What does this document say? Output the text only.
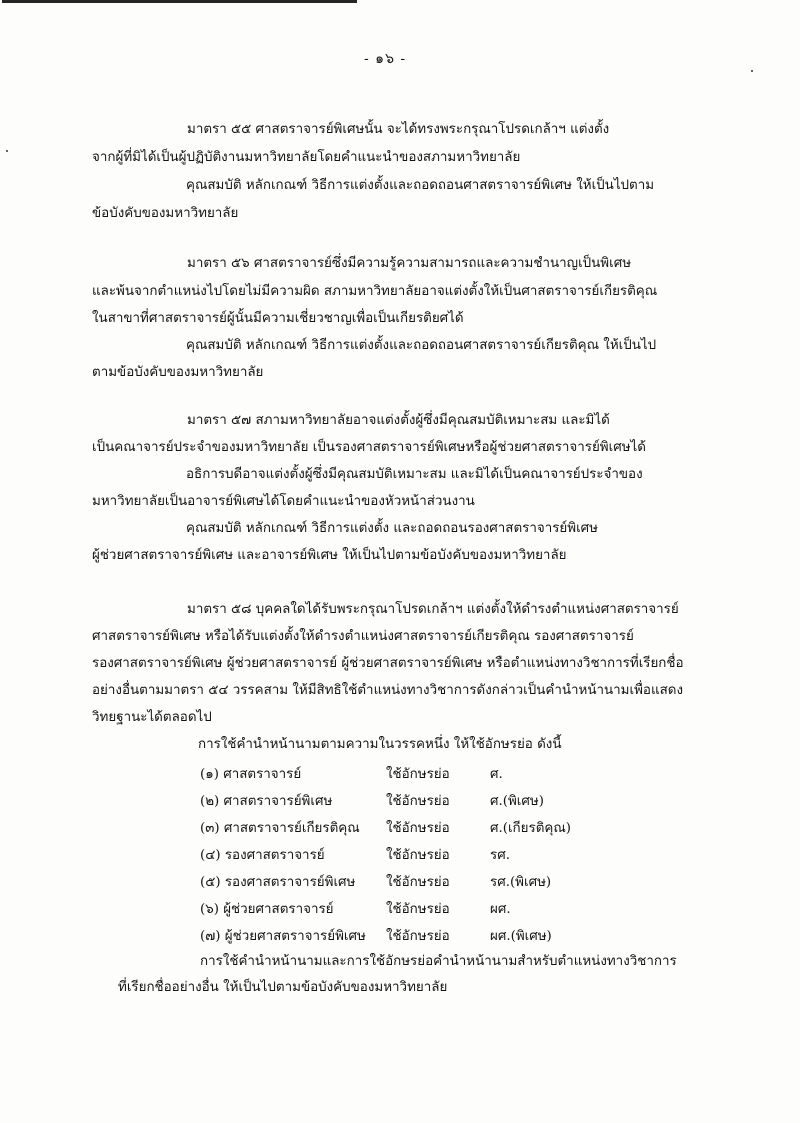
- ๑๖ -
มาตรา ๕๕ ศาสตราจารย์พิเศษนั้น จะได้ทรงพระกรุณาโปรดเกล้าฯ แต่งตั้ง
จากผู้ที่มิได้เป็นผู้ปฏิบัติงานมหาวิทยาลัยโดยคำแนะนำของสภามหาวิทยาลัย
คุณสมบัติ หลักเกณฑ์ วิธีการแต่งตั้งและถอดถอนศาสตราจารย์พิเศษ ให้เป็นไปตาม
ข้อบังคับของมหาวิทยาลัย
มาตรา ๕๖ ศาสตราจารย์ซึ่งมีความรู้ความสามารถและความชำนาญเป็นพิเศษ
และพ้นจากตำแหน่งไปโดยไม่มีความผิด สภามหาวิทยาลัยอาจแต่งตั้งให้เป็นศาสตราจารย์เกียรติคุณ
ในสาขาที่ศาสตราจารย์ผู้นั้นมีความเชี่ยวชาญเพื่อเป็นเกียรติยศได้
คุณสมบัติ หลักเกณฑ์ วิธีการแต่งตั้งและถอดถอนศาสตราจารย์เกียรติคุณ ให้เป็นไป
ตามข้อบังคับของมหาวิทยาลัย
มาตรา ๕๗ สภามหาวิทยาลัยอาจแต่งตั้งผู้ซึ่งมีคุณสมบัติเหมาะสม และมิได้
เป็นคณาจารย์ประจำของมหาวิทยาลัย เป็นรองศาสตราจารย์พิเศษหรือผู้ช่วยศาสตราจารย์พิเศษได้
อธิการบดีอาจแต่งตั้งผู้ซึ่งมีคุณสมบัติเหมาะสม และมิได้เป็นคณาจารย์ประจำของ
มหาวิทยาลัยเป็นอาจารย์พิเศษได้โดยคำแนะนำของหัวหน้าส่วนงาน
คุณสมบัติ หลักเกณฑ์ วิธีการแต่งตั้ง และถอดถอนรองศาสตราจารย์พิเศษ
ผู้ช่วยศาสตราจารย์พิเศษ และอาจารย์พิเศษ ให้เป็นไปตามข้อบังคับของมหาวิทยาลัย
มาตรา ๕๘ บุคคลใดได้รับพระกรุณาโปรดเกล้าฯ แต่งตั้งให้ดำรงตำแหน่งศาสตราจารย์
ศาสตราจารย์พิเศษ หรือได้รับแต่งตั้งให้ดำรงตำแหน่งศาสตราจารย์เกียรติคุณ รองศาสตราจารย์
รองศาสตราจารย์พิเศษ ผู้ช่วยศาสตราจารย์ ผู้ช่วยศาสตราจารย์พิเศษ หรือตำแหน่งทางวิชาการที่เรียกชื่อ
อย่างอื่นตามมาตรา ๕๔ วรรคสาม ให้มีสิทธิใช้ตำแหน่งทางวิชาการดังกล่าวเป็นคำนำหน้านามเพื่อแสดง
วิทยฐานะได้ตลอดไป
การใช้คำนำหน้านามตามความในวรรคหนึ่ง ให้ใช้อักษรย่อ ดังนี้
(๑) ศาสตราจารย์	ใช้อักษรย่อ	ศ.
(๒) ศาสตราจารย์พิเศษ	ใช้อักษรย่อ	ศ.(พิเศษ)
(๓) ศาสตราจารย์เกียรติคุณ ใช้อักษรย่อ	ศ.(เกียรติคุณ)
(๔) รองศาสตราจารย์	ใช้อักษรย่อ	รศ.
(๕) รองศาสตราจารย์พิเศษ ใช้อักษรย่อ	รศ.(พิเศษ)
(๖) ผู้ช่วยศาสตราจารย์	ใช้อักษรย่อ	ผศ.
(๗) ผู้ช่วยศาสตราจารย์พิเศษ ใช้อักษรย่อ	ผศ.(พิเศษ)
การใช้คำนำหน้านามและการใช้อักษรย่อคำนำหน้านามสำหรับตำแหน่งทางวิชาการ
ที่เรียกชื่ออย่างอื่น ให้เป็นไปตามข้อบังคับของมหาวิทยาลัย
